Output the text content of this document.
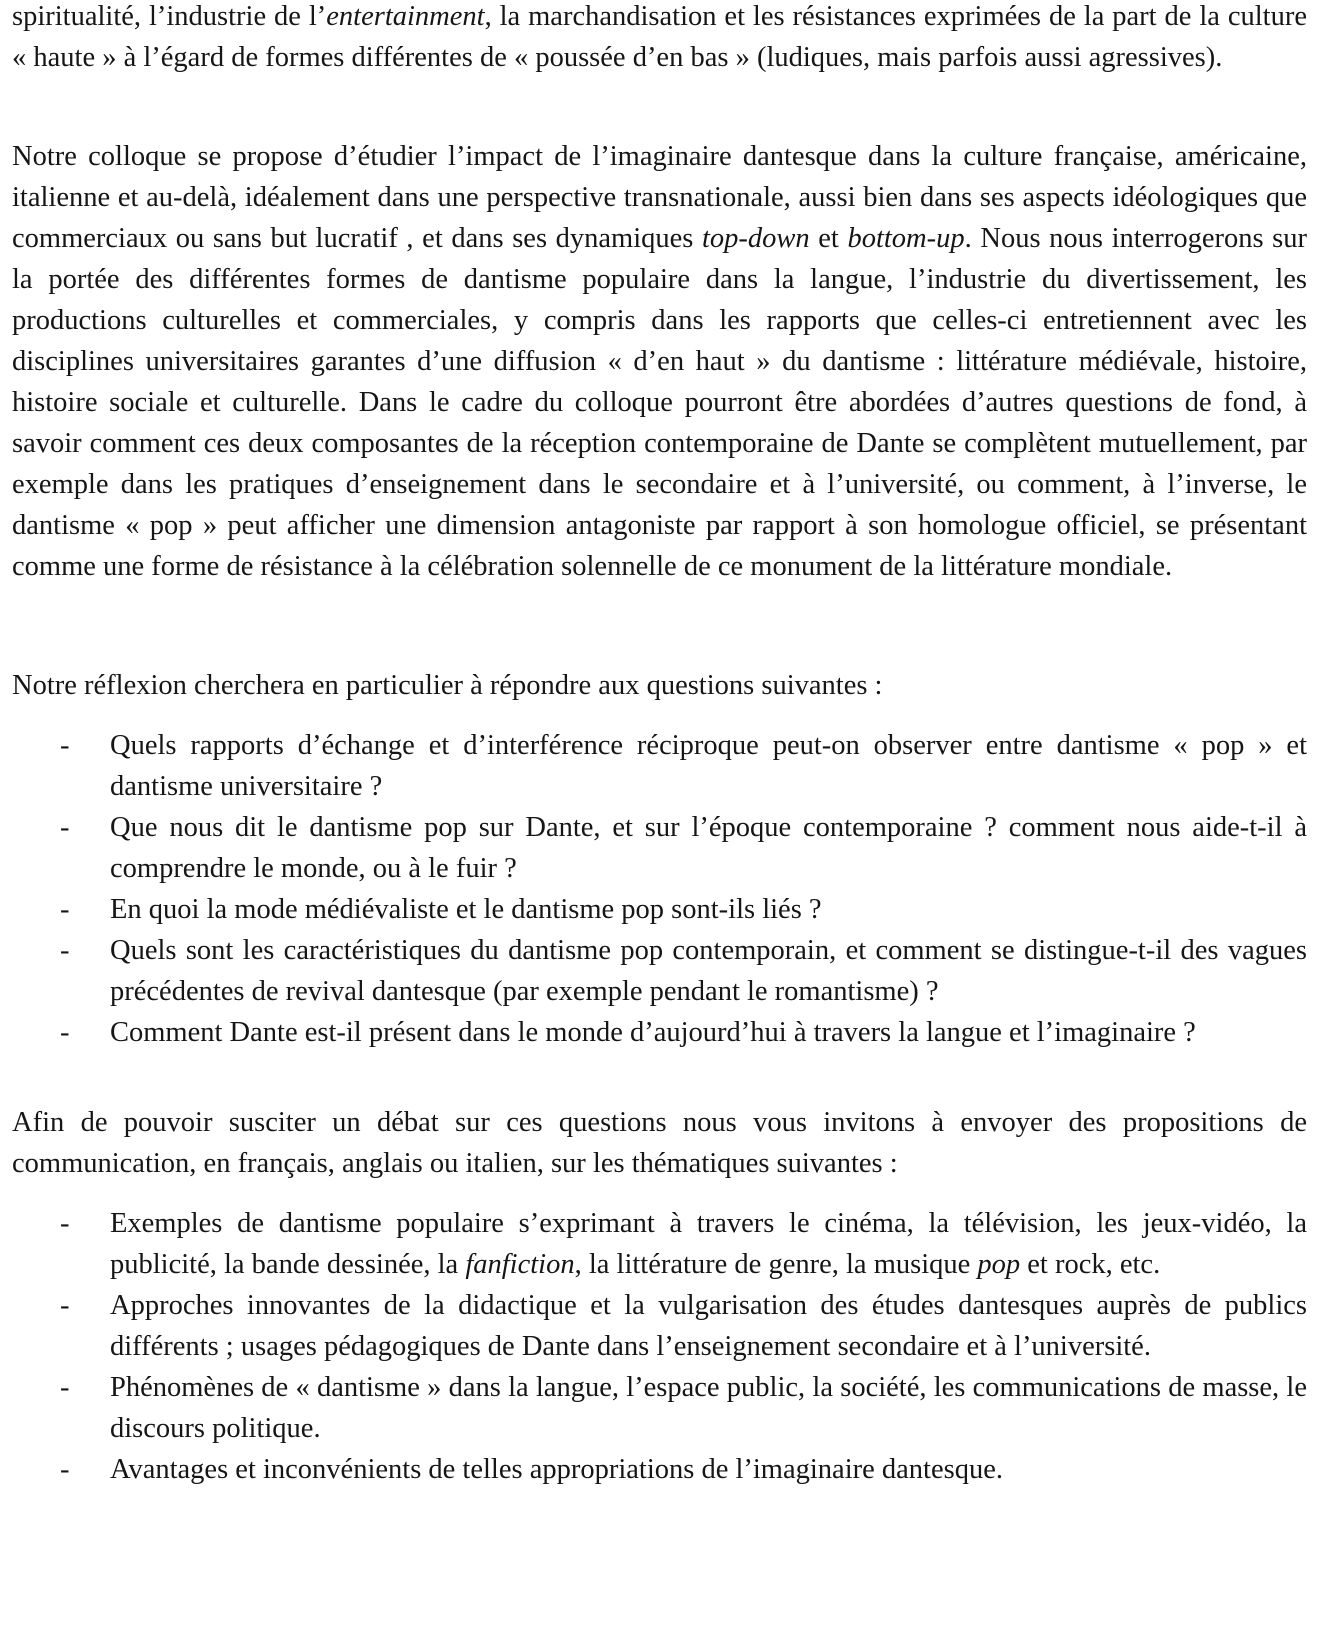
spiritualité, l’industrie de l’entertainment, la marchandisation et les résistances exprimées de la part de la culture « haute » à l’égard de formes différentes de « poussée d’en bas » (ludiques, mais parfois aussi agressives).

Notre colloque se propose d’étudier l’impact de l’imaginaire dantesque dans la culture française, américaine, italienne et au-delà, idéalement dans une perspective transnationale, aussi bien dans ses aspects idéologiques que commerciaux ou sans but lucratif , et dans ses dynamiques top-down et bottom-up. Nous nous interrogerons sur la portée des différentes formes de dantisme populaire dans la langue, l’industrie du divertissement, les productions culturelles et commerciales, y compris dans les rapports que celles-ci entretiennent avec les disciplines universitaires garantes d’une diffusion « d’en haut » du dantisme : littérature médiévale, histoire, histoire sociale et culturelle. Dans le cadre du colloque pourront être abordées d’autres questions de fond, à savoir comment ces deux composantes de la réception contemporaine de Dante se complètent mutuellement, par exemple dans les pratiques d’enseignement dans le secondaire et à l’université, ou comment, à l’inverse, le dantisme « pop » peut afficher une dimension antagoniste par rapport à son homologue officiel, se présentant comme une forme de résistance à la célébration solennelle de ce monument de la littérature mondiale.

Notre réflexion cherchera en particulier à répondre aux questions suivantes :

- Quels rapports d’échange et d’interférence réciproque peut-on observer entre dantisme « pop » et dantisme universitaire ?
- Que nous dit le dantisme pop sur Dante, et sur l’époque contemporaine ? comment nous aide-t-il à comprendre le monde, ou à le fuir ?
- En quoi la mode médiévaliste et le dantisme pop sont-ils liés ?
- Quels sont les caractéristiques du dantisme pop contemporain, et comment se distingue-t-il des vagues précédentes de revival dantesque (par exemple pendant le romantisme) ?
- Comment Dante est-il présent dans le monde d’aujourd’hui à travers la langue et l’imaginaire ?

Afin de pouvoir susciter un débat sur ces questions nous vous invitons à envoyer des propositions de communication, en français, anglais ou italien, sur les thématiques suivantes :

- Exemples de dantisme populaire s’exprimant à travers le cinéma, la télévision, les jeux-vidéo, la publicité, la bande dessinée, la fanfiction, la littérature de genre, la musique pop et rock, etc.
- Approches innovantes de la didactique et la vulgarisation des études dantesques auprès de publics différents ; usages pédagogiques de Dante dans l’enseignement secondaire et à l’université.
- Phénomènes de « dantisme » dans la langue, l’espace public, la société, les communications de masse, le discours politique.
- Avantages et inconvénients de telles appropriations de l’imaginaire dantesque.
